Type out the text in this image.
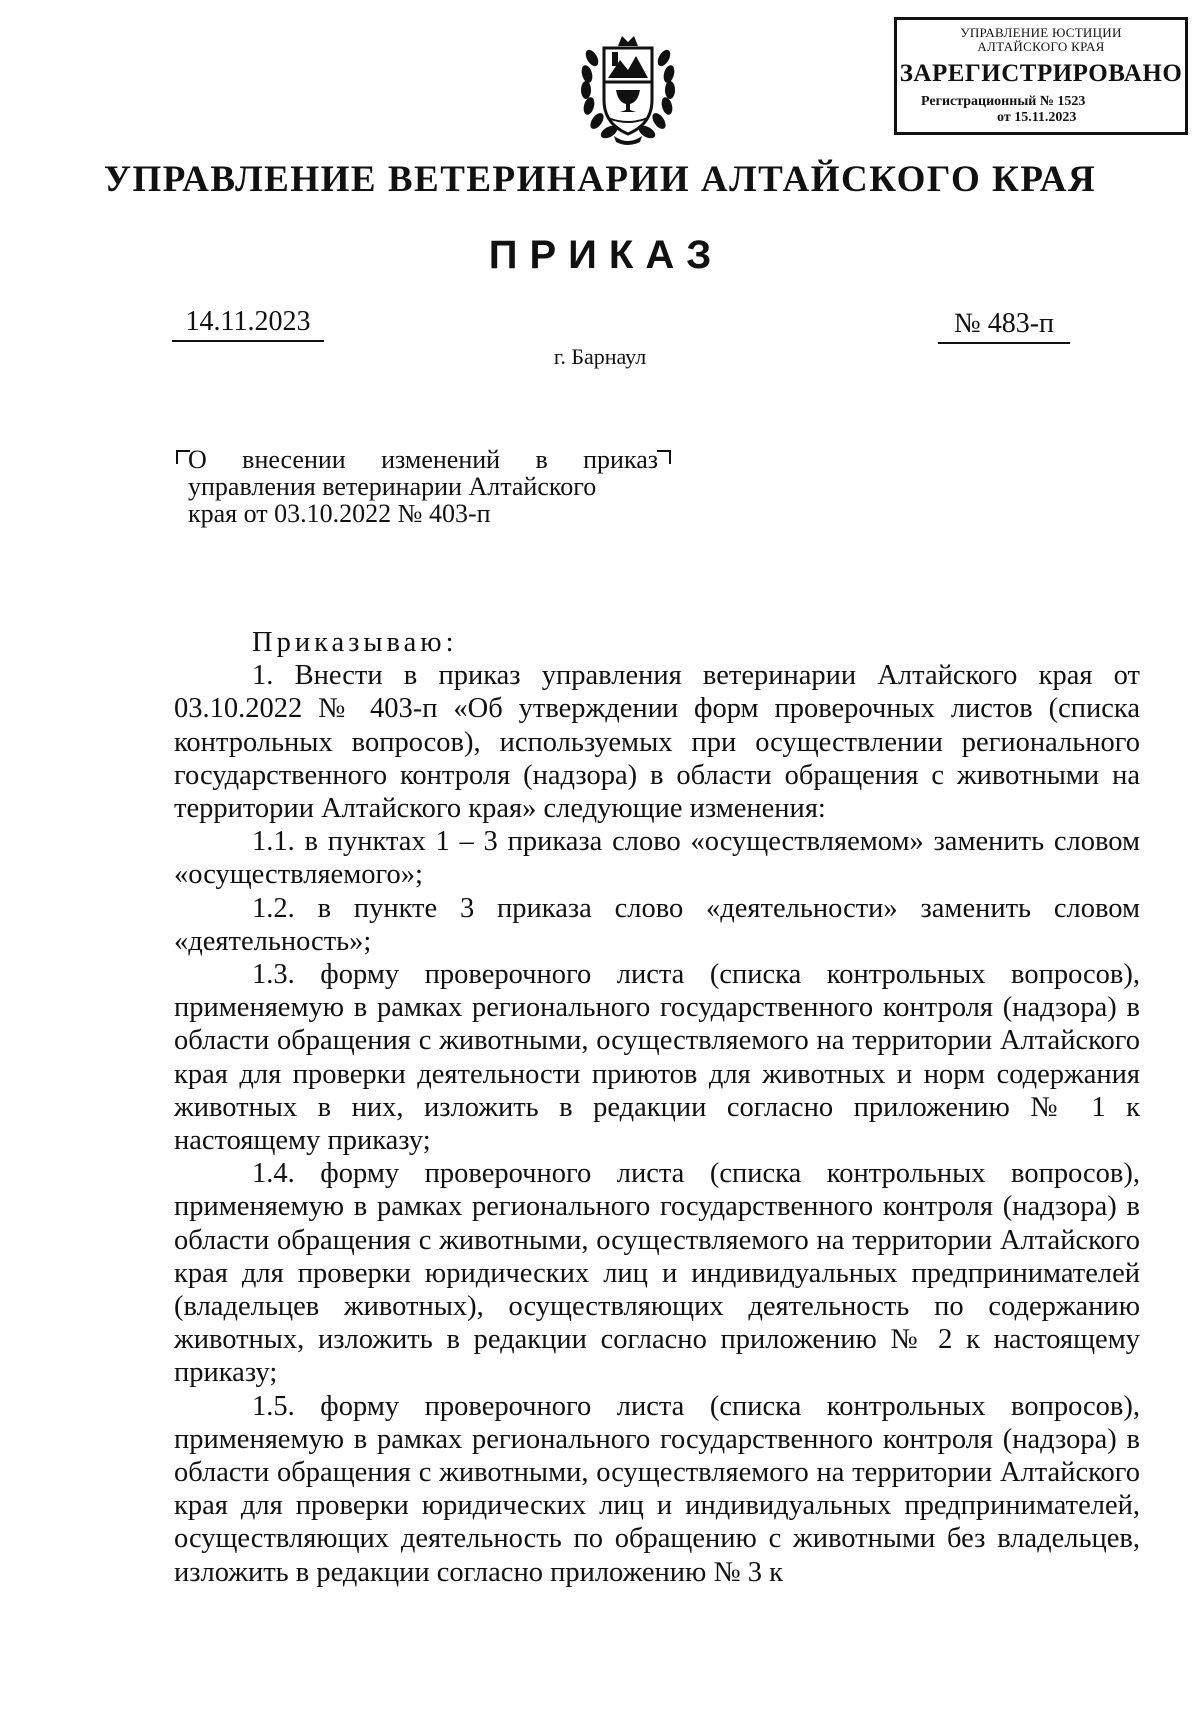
УПРАВЛЕНИЕ ЮСТИЦИИ
АЛТАЙСКОГО КРАЯ
ЗАРЕГИСТРИРОВАНО
Регистрационный № 1523
от 15.11.2023
УПРАВЛЕНИЕ ВЕТЕРИНАРИИ АЛТАЙСКОГО КРАЯ
ПРИКАЗ
14.11.2023	№ 483-п
г. Барнаул
О внесении изменений в приказ
управления ветеринарии Алтайского
края от 03.10.2022 № 403-п

Приказываю:

1. Внести в приказ управления ветеринарии Алтайского края от 03.10.2022 № 403-п «Об утверждении форм проверочных листов (списка контрольных вопросов), используемых при осуществлении регионального государственного контроля (надзора) в области обращения с животными на территории Алтайского края» следующие изменения:

1.1. в пунктах 1 – 3 приказа слово «осуществляемом» заменить словом «осуществляемого»;

1.2. в пункте 3 приказа слово «деятельности» заменить словом «деятельность»;

1.3. форму проверочного листа (списка контрольных вопросов), применяемую в рамках регионального государственного контроля (надзора) в области обращения с животными, осуществляемого на территории Алтайского края для проверки деятельности приютов для животных и норм содержания животных в них, изложить в редакции согласно приложению № 1 к настоящему приказу;

1.4. форму проверочного листа (списка контрольных вопросов), применяемую в рамках регионального государственного контроля (надзора) в области обращения с животными, осуществляемого на территории Алтайского края для проверки юридических лиц и индивидуальных предпринимателей (владельцев животных), осуществляющих деятельность по содержанию животных, изложить в редакции согласно приложению № 2 к настоящему приказу;

1.5. форму проверочного листа (списка контрольных вопросов), применяемую в рамках регионального государственного контроля (надзора) в области обращения с животными, осуществляемого на территории Алтайского края для проверки юридических лиц и индивидуальных предпринимателей, осуществляющих деятельность по обращению с животными без владельцев, изложить в редакции согласно приложению № 3 к
